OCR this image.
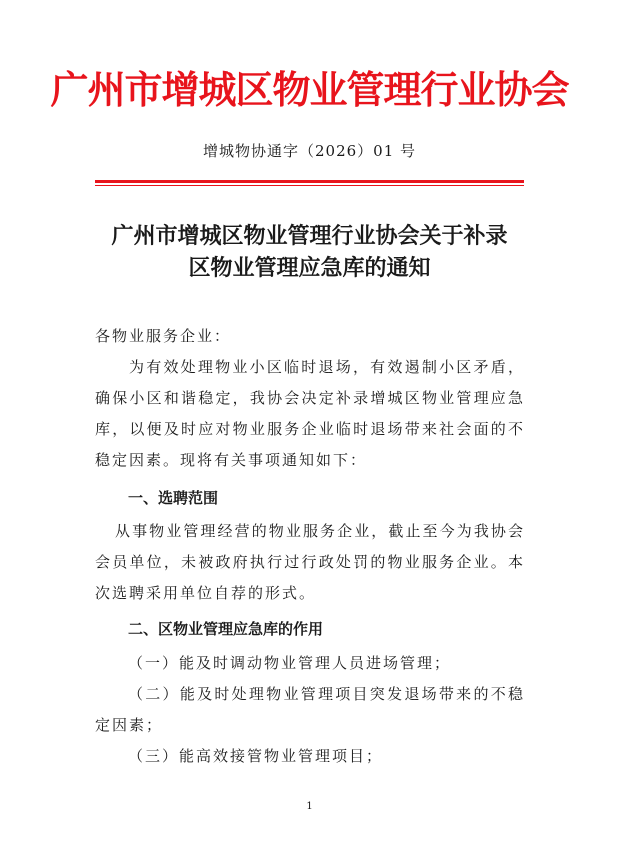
广州市增城区物业管理行业协会
增城物协通字（2026）01 号
广州市增城区物业管理行业协会关于补录
区物业管理应急库的通知
各物业服务企业：
为有效处理物业小区临时退场，有效遏制小区矛盾，确保小区和谐稳定，我协会决定补录增城区物业管理应急库，以便及时应对物业服务企业临时退场带来社会面的不稳定因素。现将有关事项通知如下：
一、选聘范围
从事物业管理经营的物业服务企业，截止至今为我协会会员单位，未被政府执行过行政处罚的物业服务企业。本次选聘采用单位自荐的形式。
二、区物业管理应急库的作用
（一）能及时调动物业管理人员进场管理；
（二）能及时处理物业管理项目突发退场带来的不稳定因素；
（三）能高效接管物业管理项目；
1
